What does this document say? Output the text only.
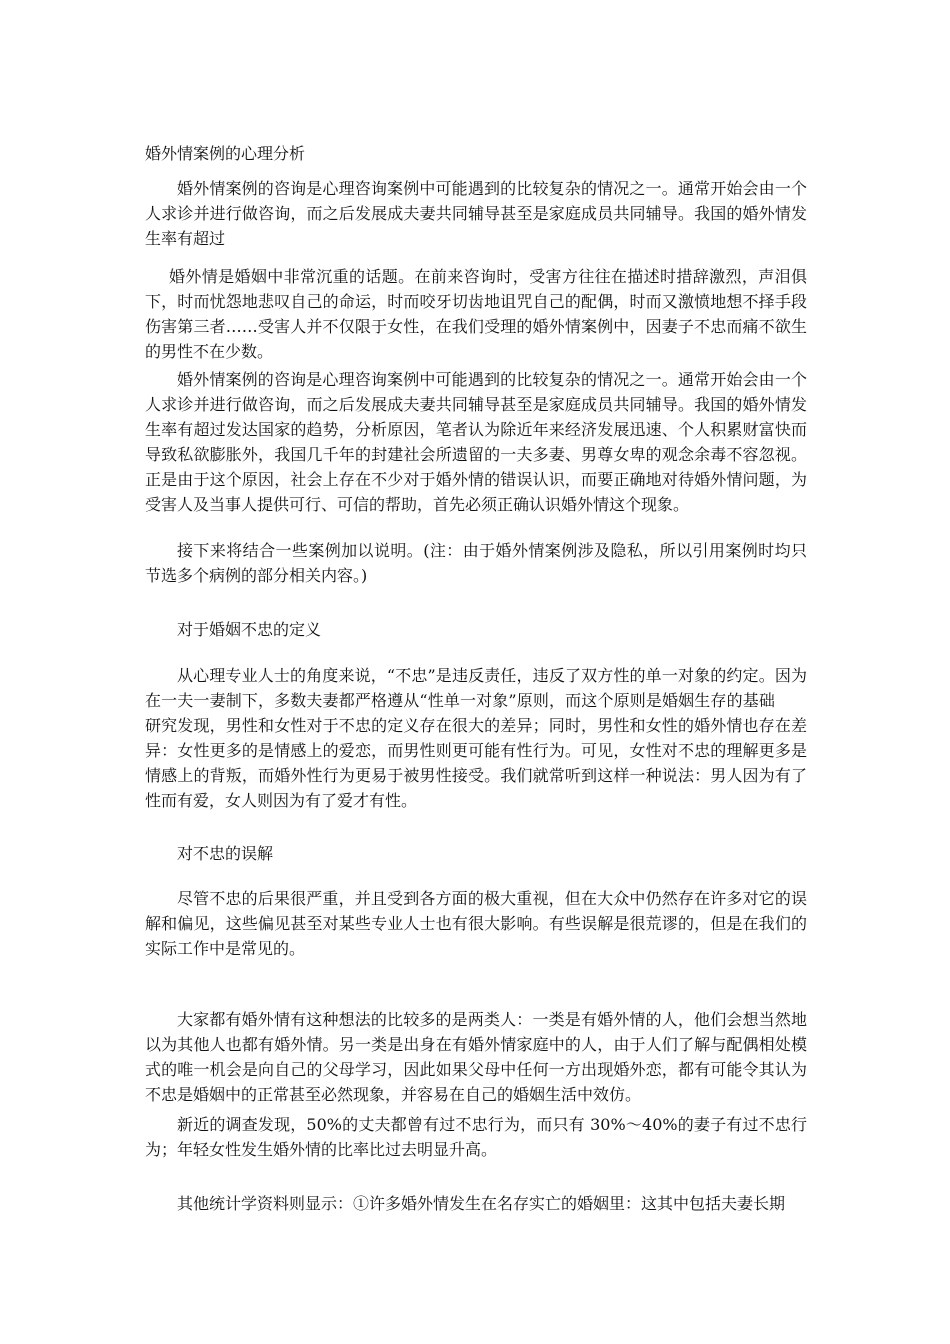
婚外情案例的心理分析
婚外情案例的咨询是心理咨询案例中可能遇到的比较复杂的情况之一。通常开始会由一个人求诊并进行做咨询，而之后发展成夫妻共同辅导甚至是家庭成员共同辅导。我国的婚外情发生率有超过
婚外情是婚姻中非常沉重的话题。在前来咨询时，受害方往往在描述时措辞激烈，声泪俱下，时而忧怨地悲叹自己的命运，时而咬牙切齿地诅咒自己的配偶，时而又激愤地想不择手段伤害第三者……受害人并不仅限于女性，在我们受理的婚外情案例中，因妻子不忠而痛不欲生的男性不在少数。
婚外情案例的咨询是心理咨询案例中可能遇到的比较复杂的情况之一。通常开始会由一个人求诊并进行做咨询，而之后发展成夫妻共同辅导甚至是家庭成员共同辅导。我国的婚外情发生率有超过发达国家的趋势，分析原因，笔者认为除近年来经济发展迅速、个人积累财富快而导致私欲膨胀外，我国几千年的封建社会所遗留的一夫多妻、男尊女卑的观念余毒不容忽视。正是由于这个原因，社会上存在不少对于婚外情的错误认识，而要正确地对待婚外情问题，为受害人及当事人提供可行、可信的帮助，首先必须正确认识婚外情这个现象。
接下来将结合一些案例加以说明。(注：由于婚外情案例涉及隐私，所以引用案例时均只节选多个病例的部分相关内容。)
对于婚姻不忠的定义
从心理专业人士的角度来说，“不忠”是违反责任，违反了双方性的单一对象的约定。因为在一夫一妻制下，多数夫妻都严格遵从“性单一对象”原则，而这个原则是婚姻生存的基础研究发现，男性和女性对于不忠的定义存在很大的差异；同时，男性和女性的婚外情也存在差异：女性更多的是情感上的爱恋，而男性则更可能有性行为。可见，女性对不忠的理解更多是情感上的背叛，而婚外性行为更易于被男性接受。我们就常听到这样一种说法：男人因为有了性而有爱，女人则因为有了爱才有性。
对不忠的误解
尽管不忠的后果很严重，并且受到各方面的极大重视，但在大众中仍然存在许多对它的误解和偏见，这些偏见甚至对某些专业人士也有很大影响。有些误解是很荒谬的，但是在我们的实际工作中是常见的。
大家都有婚外情有这种想法的比较多的是两类人：一类是有婚外情的人，他们会想当然地以为其他人也都有婚外情。另一类是出身在有婚外情家庭中的人，由于人们了解与配偶相处模式的唯一机会是向自己的父母学习，因此如果父母中任何一方出现婚外恋，都有可能令其认为不忠是婚姻中的正常甚至必然现象，并容易在自己的婚姻生活中效仿。
新近的调查发现，50%的丈夫都曾有过不忠行为，而只有 30%～40%的妻子有过不忠行为；年轻女性发生婚外情的比率比过去明显升高。
其他统计学资料则显示：①许多婚外情发生在名存实亡的婚姻里：这其中包括夫妻长期
